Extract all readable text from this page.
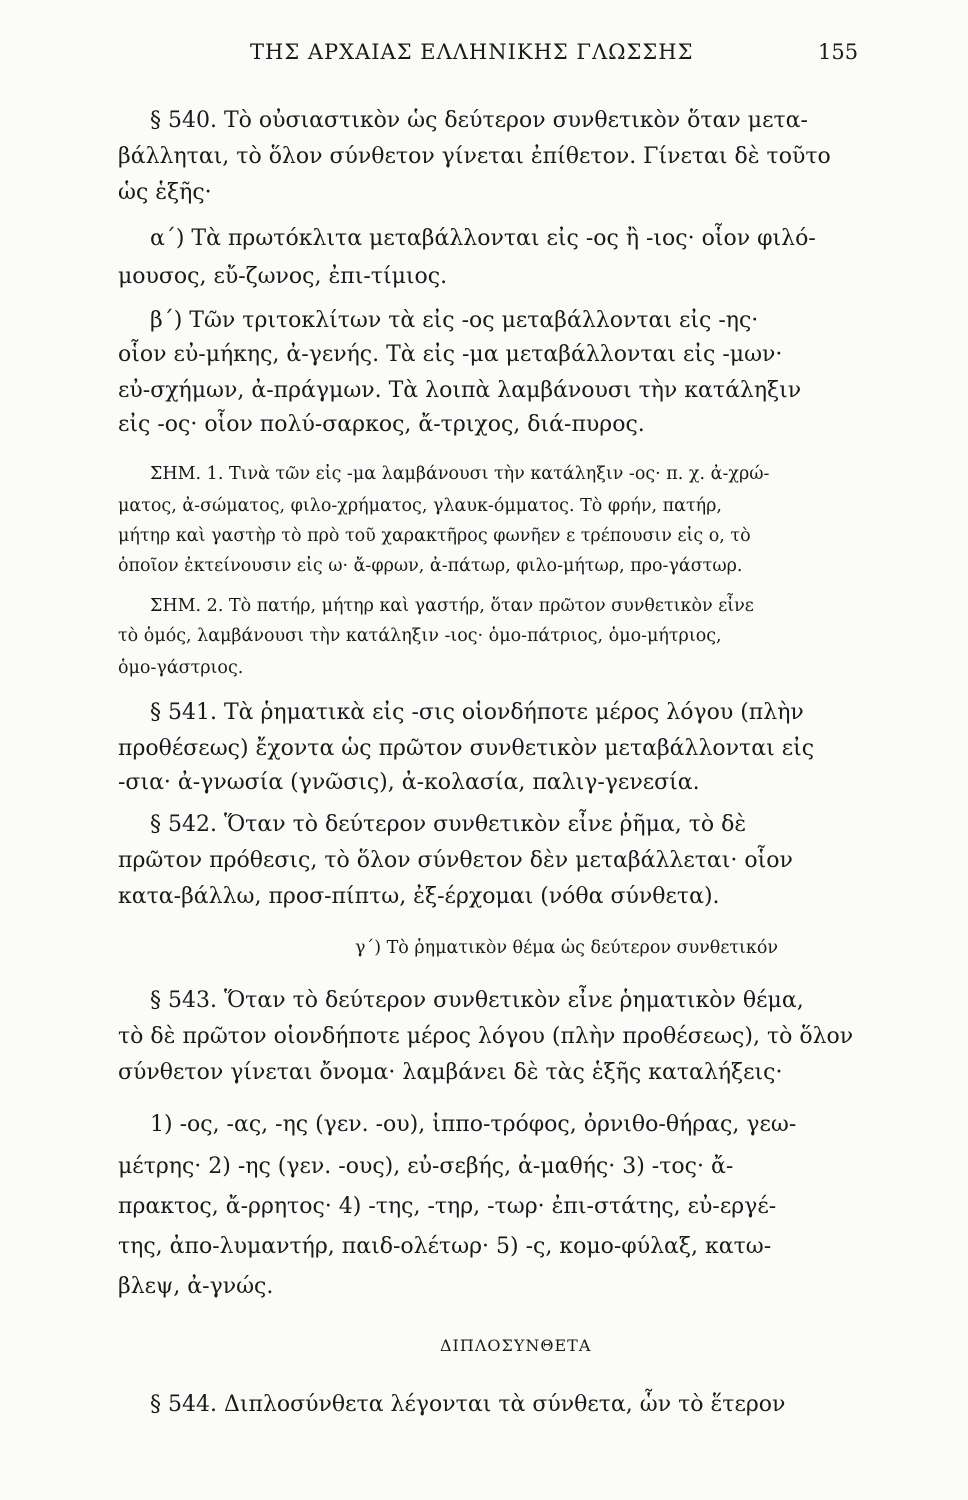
ΤΗΣ ΑΡΧΑΙΑΣ ΕΛΛΗΝΙΚΗΣ ΓΛΩΣΣΗΣ	155
§ 540. Τὸ οὐσιαστικὸν ὡς δεύτερον συνθετικὸν ὅταν μετα-
βάλληται, τὸ ὅλον σύνθετον γίνεται ἐπίθετον. Γίνεται δὲ τοῦτο
ὡς ἑξῆς·
α΄) Τὰ πρωτόκλιτα μεταβάλλονται εἰς -ος ἢ -ιος· οἷον φιλό-
μουσος, εὔ-ζωνος, ἐπι-τίμιος.
β΄) Τῶν τριτοκλίτων τὰ εἰς -ος μεταβάλλονται εἰς -ης·
οἷον εὐ-μήκης, ἀ-γενής. Τὰ εἰς -μα μεταβάλλονται εἰς -μων·
εὐ-σχήμων, ἀ-πράγμων. Τὰ λοιπὰ λαμβάνουσι τὴν κατάληξιν
εἰς -ος· οἷον πολύ-σαρκος, ἄ-τριχος, διά-πυρος.
ΣΗΜ. 1. Τινὰ τῶν εἰς -μα λαμβάνουσι τὴν κατάληξιν -ος· π. χ. ἀ-χρώ-
ματος, ἀ-σώματος, φιλο-χρήματος, γλαυκ-όμματος. Τὸ φρήν, πατήρ,
μήτηρ καὶ γαστὴρ τὸ πρὸ τοῦ χαρακτῆρος φωνῆεν ε τρέπουσιν εἰς ο, τὸ
ὁποῖον ἐκτείνουσιν εἰς ω· ἄ-φρων, ἀ-πάτωρ, φιλο-μήτωρ, προ-γάστωρ.
ΣΗΜ. 2. Τὸ πατήρ, μήτηρ καὶ γαστήρ, ὅταν πρῶτον συνθετικὸν εἶνε
τὸ ὁμός, λαμβάνουσι τὴν κατάληξιν -ιος· ὁμο-πάτριος, ὁμο-μήτριος,
ὁμο-γάστριος.
§ 541. Τὰ ῥηματικὰ εἰς -σις οἱονδήποτε μέρος λόγου (πλὴν
προθέσεως) ἔχοντα ὡς πρῶτον συνθετικὸν μεταβάλλονται εἰς
-σια· ἀ-γνωσία (γνῶσις), ἀ-κολασία, παλιγ-γενεσία.
§ 542. Ὅταν τὸ δεύτερον συνθετικὸν εἶνε ῥῆμα, τὸ δὲ
πρῶτον πρόθεσις, τὸ ὅλον σύνθετον δὲν μεταβάλλεται· οἷον
κατα-βάλλω, προσ-πίπτω, ἐξ-έρχομαι (νόθα σύνθετα).
γ΄) Τὸ ῥηματικὸν θέμα ὡς δεύτερον συνθετικόν
§ 543. Ὅταν τὸ δεύτερον συνθετικὸν εἶνε ῥηματικὸν θέμα,
τὸ δὲ πρῶτον οἱονδήποτε μέρος λόγου (πλὴν προθέσεως), τὸ ὅλον
σύνθετον γίνεται ὄνομα· λαμβάνει δὲ τὰς ἑξῆς καταλήξεις·
1) -ος, -ας, -ης (γεν. -ου), ἱππο-τρόφος, ὀρνιθο-θήρας, γεω-
μέτρης· 2) -ης (γεν. -ους), εὐ-σεβής, ἀ-μαθής· 3) -τος· ἄ-
πρακτος, ἄ-ρρητος· 4) -της, -τηρ, -τωρ· ἐπι-στάτης, εὐ-εργέ-
της, ἀπο-λυμαντήρ, παιδ-ολέτωρ· 5) -ς, κομο-φύλαξ, κατω-
βλεψ, ἀ-γνώς.
ΔΙΠΛΟΣΥΝΘΕΤΑ
§ 544. Διπλοσύνθετα λέγονται τὰ σύνθετα, ὧν τὸ ἕτερον
